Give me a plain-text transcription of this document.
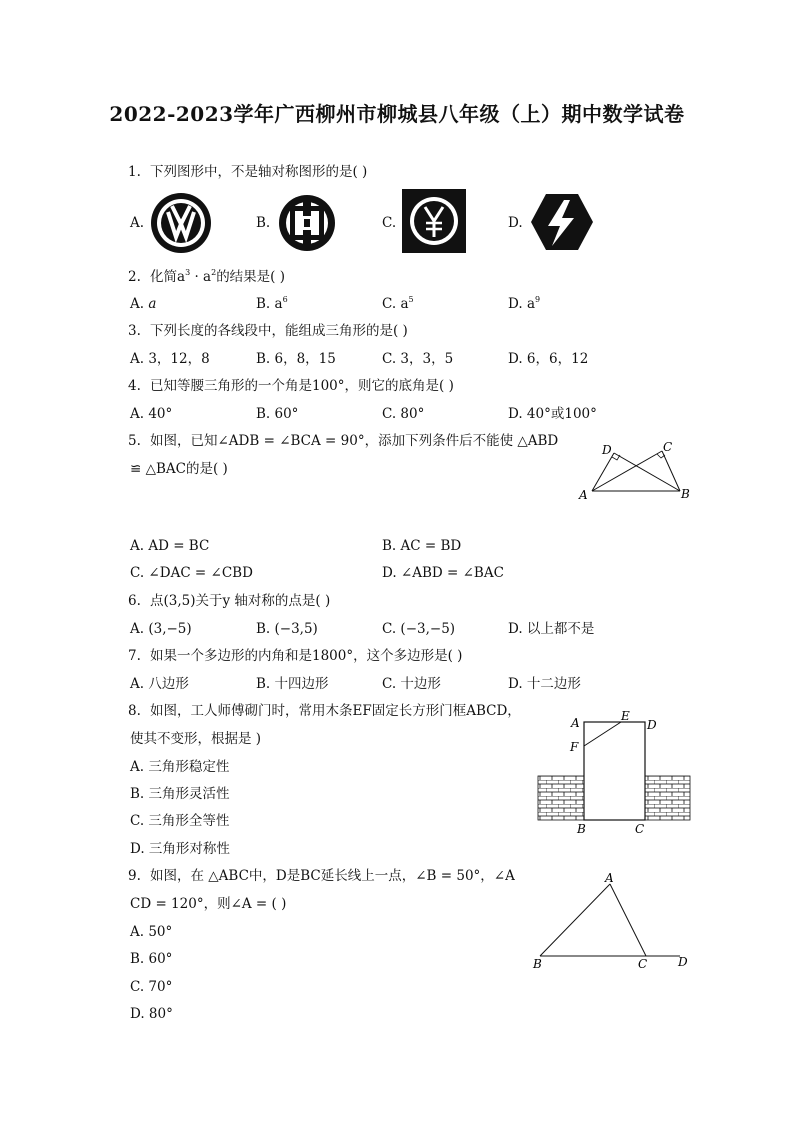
2022-2023学年广西柳州市柳城县八年级（上）期中数学试卷
1. 下列图形中，不是轴对称图形的是( )
A.	B.	C.	D.
2. 化简$a^3 \cdot a^2$的结果是( )
A. a	B. $a^6$	C. $a^5$	D. $a^9$
3. 下列长度的各线段中，能组成三角形的是( )
A. 3，12，8	B. 6，8，15	C. 3，3，5	D. 6，6，12
4. 已知等腰三角形的一个角是100°，则它的底角是( )
A. 40°	B. 60°	C. 80°	D. 40°或100°
5. 如图，已知∠ADB = ∠BCA = 90°，添加下列条件后不能使 △ABD
≌ △BAC的是( )
A	B
C
D
A. AD = BC	B. AC = BD
C. ∠DAC = ∠CBD	D. ∠ABD = ∠BAC
6. 点(3,5)关于y 轴对称的点是( )
A. (3,−5)	B. (−3,5)	C. (−3,−5)	D. 以上都不是
7. 如果一个多边形的内角和是1800°，这个多边形是( )
A. 八边形	B. 十四边形	C. 十边形	D. 十二边形
8. 如图，工人师傅砌门时，常用木条EF固定长方形门框ABCD，
使其不变形，根据是 )
A. 三角形稳定性
B. 三角形灵活性
C. 三角形全等性
D. 三角形对称性
A	E
D
F
B	C
9. 如图，在 △ABC中，D是BC延长线上一点，∠B = 50°，∠A
CD = 120°，则∠A = ( )
A. 50°
B. 60°
C. 70°
D. 80°
A
B	C	D
